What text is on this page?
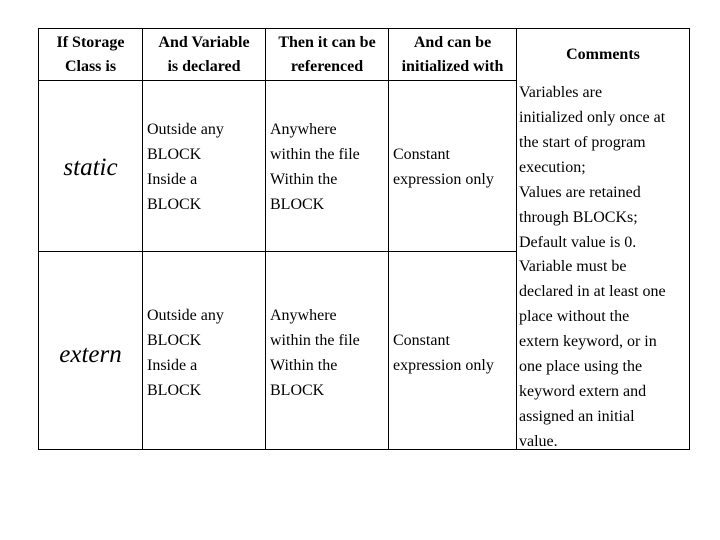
If Storage
Class is
And Variable
is declared
Then it can be
referenced
And can be
initialized with
Comments
static
Outside any
BLOCK
Inside a
BLOCK
Anywhere
within the file
Within the
BLOCK
Constant
expression only
extern
Outside any
BLOCK
Inside a
BLOCK
Anywhere
within the file
Within the
BLOCK
Constant
expression only
Variables are
initialized only once at
the start of program
execution;
Values are retained
through BLOCKs;
Default value is 0.
Variable must be
declared in at least one
place without the
extern keyword, or in
one place using the
keyword extern and
assigned an initial
value.
